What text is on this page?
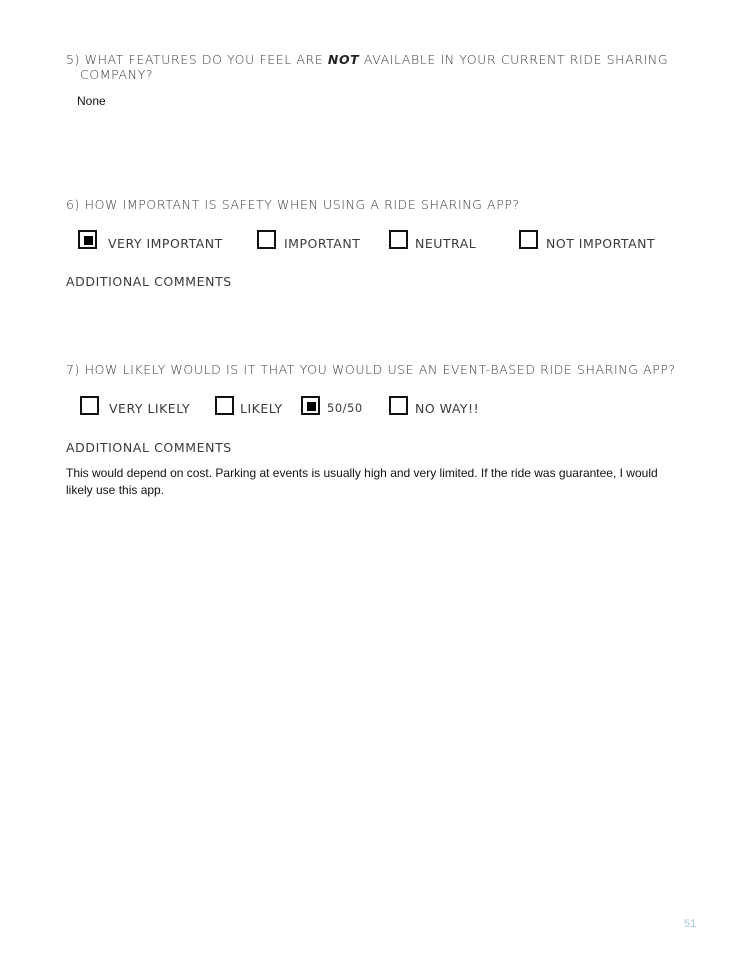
5) WHAT FEATURES DO YOU FEEL ARE NOT AVAILABLE IN YOUR CURRENT RIDE SHARING
COMPANY?
None
6) HOW IMPORTANT IS SAFETY WHEN USING A RIDE SHARING APP?
VERY IMPORTANT	IMPORTANT	NEUTRAL	NOT IMPORTANT
ADDITIONAL COMMENTS
7) HOW LIKELY WOULD IS IT THAT YOU WOULD USE AN EVENT-BASED RIDE SHARING APP?
VERY LIKELY	LIKELY	50/50	NO WAY!!
ADDITIONAL COMMENTS
This would depend on cost. Parking at events is usually high and very limited. If the ride was guarantee, I would
likely use this app.
51
